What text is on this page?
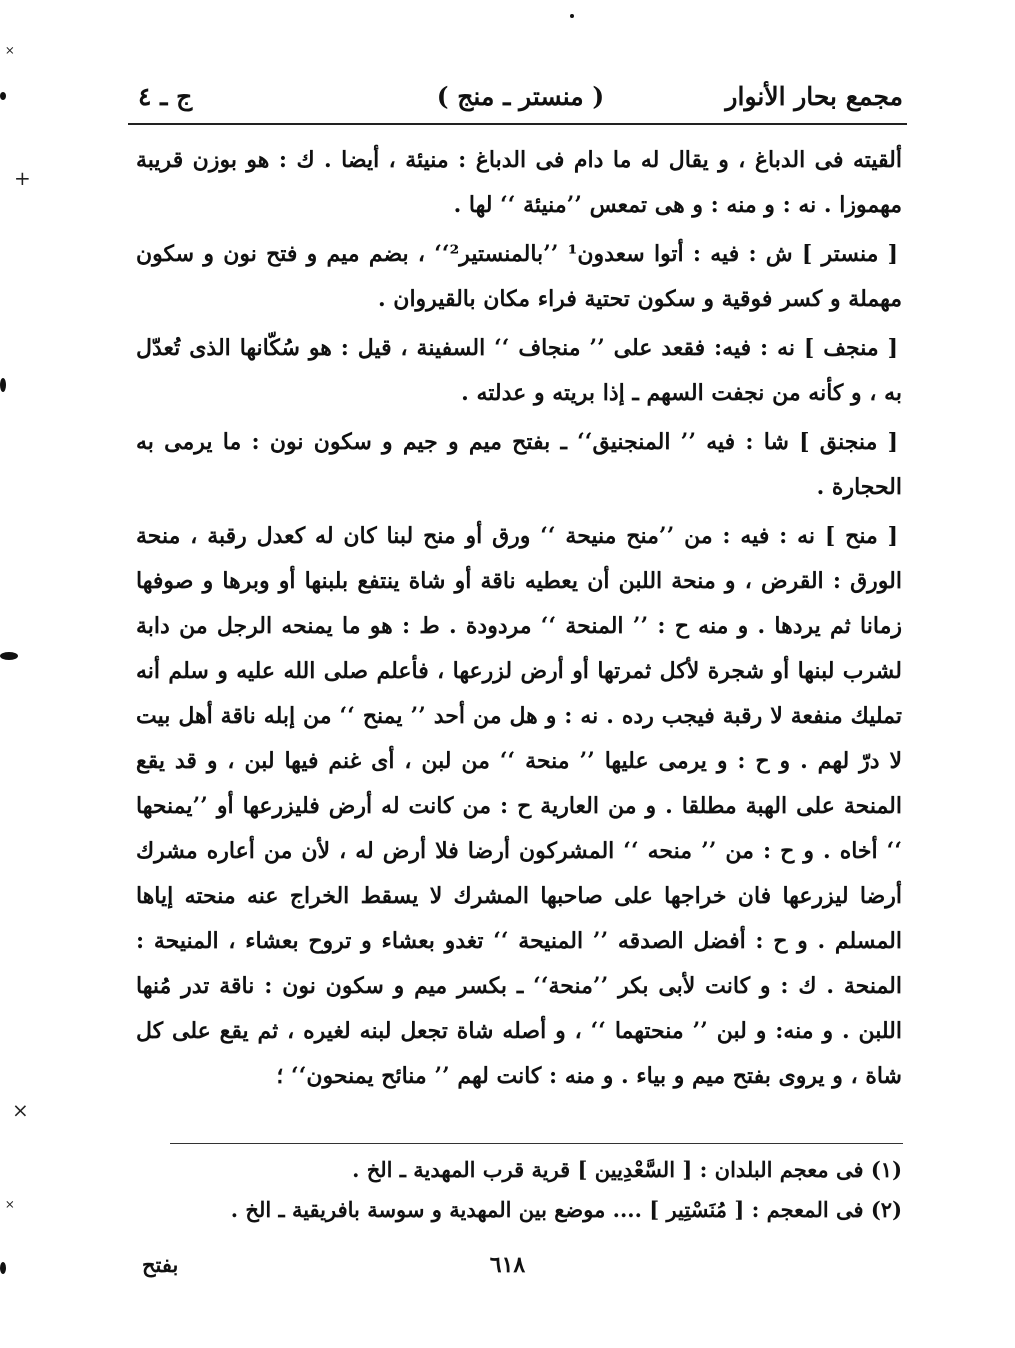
مجمع بحار الأنوار
( منستر ـ منج )
ج ـ ٤

ألقيته فى الدباغ ، و يقال له ما دام فى الدباغ : منيئة ، أيضا . ك : هو بوزن قريبة مهموزا . نه : و منه : و هى تمعس ’’منيئة ‘‘ لها .

[ منستر ] ش : فيه : أتوا سعدون¹ ’’بالمنستير²‘‘ ، بضم ميم و فتح نون و سكون مهملة و كسر فوقية و سكون تحتية فراء مكان بالقيروان .

[ منجف ] نه : فيه: فقعد على ’’ منجاف ‘‘ السفينة ، قيل : هو سُكّانها الذى تُعدّل به ، و كأنه من نجفت السهم ـ إذا بريته و عدلته .

[ منجنق ] شا : فيه ’’ المنجنيق‘‘ ـ بفتح ميم و جيم و سكون نون : ما يرمى به الحجارة .

[ منح ] نه : فيه : من ’’منح منيحة ‘‘ ورق أو منح لبنا كان له كعدل رقبة ، منحة الورق : القرض ، و منحة اللبن أن يعطيه ناقة أو شاة ينتفع بلبنها أو وبرها و صوفها زمانا ثم يردها . و منه ح : ’’ المنحة ‘‘ مردودة . ط : هو ما يمنحه الرجل من دابة لشرب لبنها أو شجرة لأكل ثمرتها أو أرض لزرعها ، فأعلم صلى الله عليه و سلم أنه تمليك منفعة لا رقبة فيجب رده . نه : و هل من أحد ’’ يمنح ‘‘ من إبله ناقة أهل بيت لا درّ لهم . و ح : و يرمى عليها ’’ منحة ‘‘ من لبن ، أى غنم فيها لبن ، و قد يقع المنحة على الهبة مطلقا . و من العارية ح : من كانت له أرض فليزرعها أو ’’يمنحها ‘‘ أخاه . و ح : من ’’ منحه ‘‘ المشركون أرضا فلا أرض له ، لأن من أعاره مشرك أرضا ليزرعها فان خراجها على صاحبها المشرك لا يسقط الخراج عنه منحته إياها المسلم . و ح : أفضل الصدقه ’’ المنيحة ‘‘ تغدو بعشاء و تروح بعشاء ، المنيحة : المنحة . ك : و كانت لأبى بكر ’’منحة‘‘ ـ بكسر ميم و سكون نون : ناقة تدر مُنها اللبن . و منه: و لبن ’’ منحتهما ‘‘ ، و أصله شاة تجعل لبنه لغيره ، ثم يقع على كل شاة ، و يروى بفتح ميم و بياء . و منه : كانت لهم ’’ منائح يمنحون‘‘ ؛

(١) فى معجم البلدان : [ السَّعْدِيين ] قرية قرب المهدية ـ الخ .
(٢) فى المعجم : [ مُنَسْتِير ] .... موضع بين المهدية و سوسة بافريقية ـ الخ .
بفتح	٦١٨
˟
+
×
˟
